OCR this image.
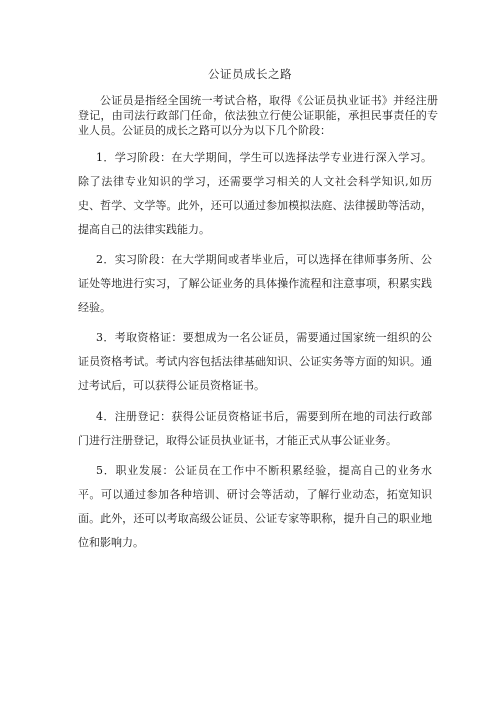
公证员成长之路

公证员是指经全国统一考试合格，取得《公证员执业证书》并经注册登记，由司法行政部门任命，依法独立行使公证职能，承担民事责任的专业人员。公证员的成长之路可以分为以下几个阶段：

1．学习阶段：在大学期间，学生可以选择法学专业进行深入学习。除了法律专业知识的学习，还需要学习相关的人文社会科学知识,如历史、哲学、文学等。此外，还可以通过参加模拟法庭、法律援助等活动，提高自己的法律实践能力。

2．实习阶段：在大学期间或者毕业后，可以选择在律师事务所、公证处等地进行实习，了解公证业务的具体操作流程和注意事项，积累实践经验。

3．考取资格证：要想成为一名公证员，需要通过国家统一组织的公证员资格考试。考试内容包括法律基础知识、公证实务等方面的知识。通过考试后，可以获得公证员资格证书。

4．注册登记：获得公证员资格证书后，需要到所在地的司法行政部门进行注册登记，取得公证员执业证书，才能正式从事公证业务。

5．职业发展：公证员在工作中不断积累经验，提高自己的业务水平。可以通过参加各种培训、研讨会等活动，了解行业动态，拓宽知识面。此外，还可以考取高级公证员、公证专家等职称，提升自己的职业地位和影响力。
